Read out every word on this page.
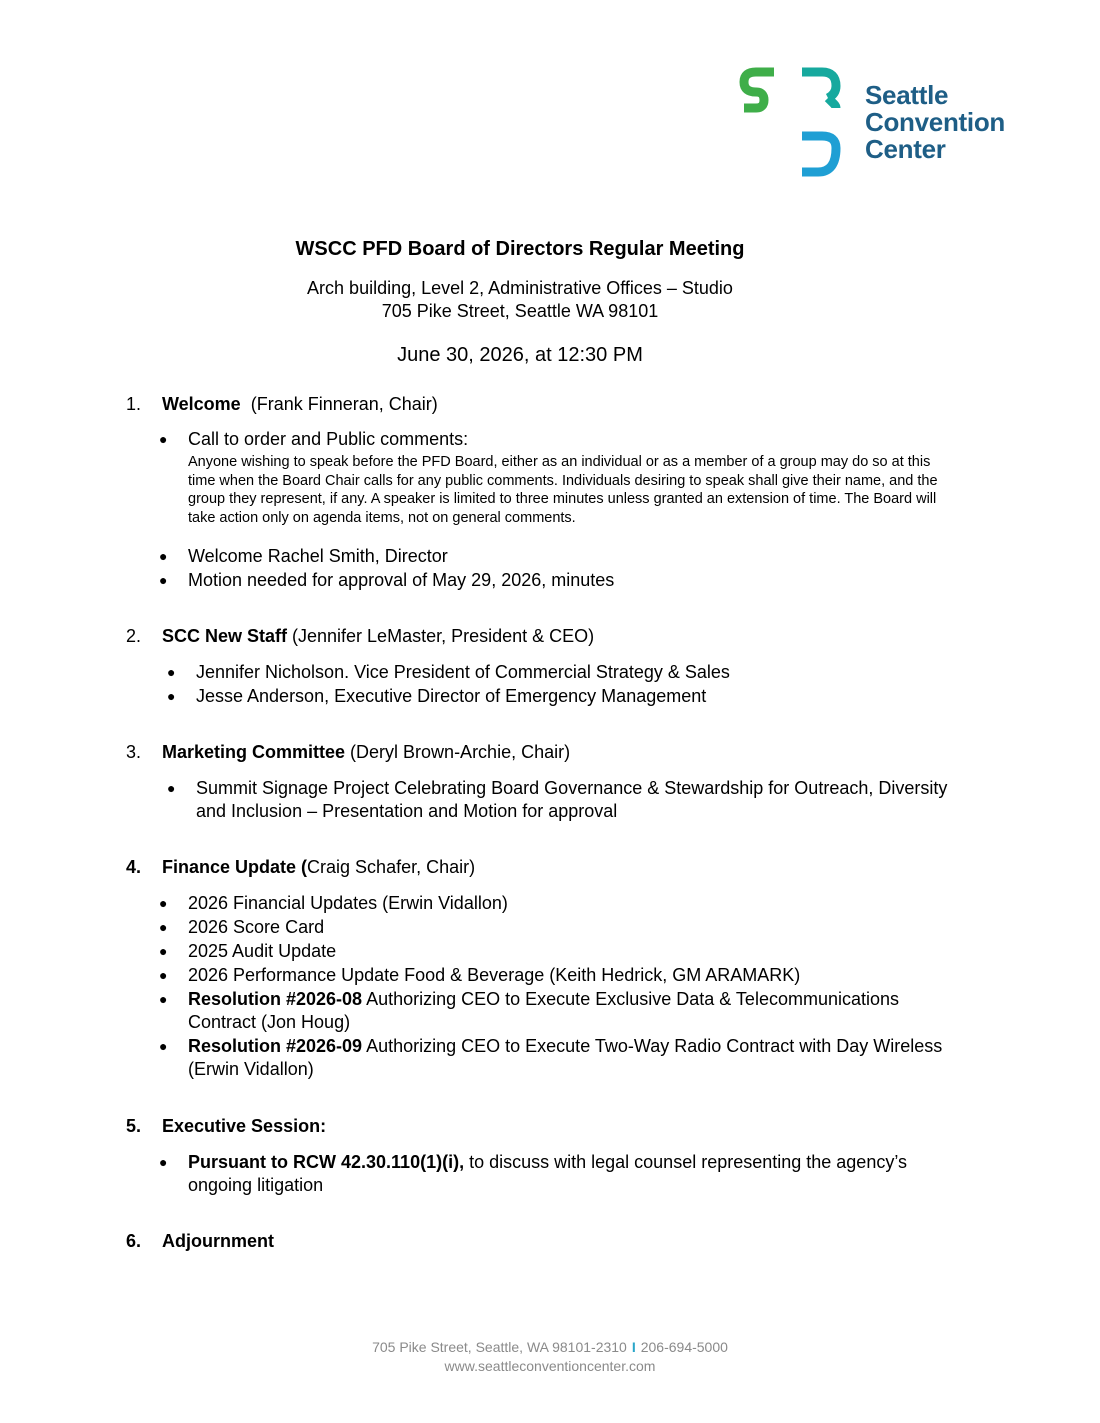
Seattle
Convention
Center
WSCC PFD Board of Directors Regular Meeting
Arch building, Level 2, Administrative Offices – Studio
705 Pike Street, Seattle WA 98101
June 30, 2026, at 12:30 PM
1. Welcome  (Frank Finneran, Chair)
● Call to order and Public comments:
Anyone wishing to speak before the PFD Board, either as an individual or as a member of a group may do so at this time when the Board Chair calls for any public comments. Individuals desiring to speak shall give their name, and the group they represent, if any. A speaker is limited to three minutes unless granted an extension of time. The Board will take action only on agenda items, not on general comments.
● Welcome Rachel Smith, Director
● Motion needed for approval of May 29, 2026, minutes
2. SCC New Staff (Jennifer LeMaster, President & CEO)
● Jennifer Nicholson. Vice President of Commercial Strategy & Sales
● Jesse Anderson, Executive Director of Emergency Management
3. Marketing Committee (Deryl Brown-Archie, Chair)
● Summit Signage Project Celebrating Board Governance & Stewardship for Outreach, Diversity and Inclusion – Presentation and Motion for approval
4. Finance Update (Craig Schafer, Chair)
● 2026 Financial Updates (Erwin Vidallon)
● 2026 Score Card
● 2025 Audit Update
● 2026 Performance Update Food & Beverage (Keith Hedrick, GM ARAMARK)
● Resolution #2026-08 Authorizing CEO to Execute Exclusive Data & Telecommunications Contract (Jon Houg)
● Resolution #2026-09 Authorizing CEO to Execute Two-Way Radio Contract with Day Wireless (Erwin Vidallon)
5. Executive Session:
● Pursuant to RCW 42.30.110(1)(i), to discuss with legal counsel representing the agency’s ongoing litigation
6. Adjournment
705 Pike Street, Seattle, WA 98101-2310 I 206-694-5000
www.seattleconventioncenter.com
